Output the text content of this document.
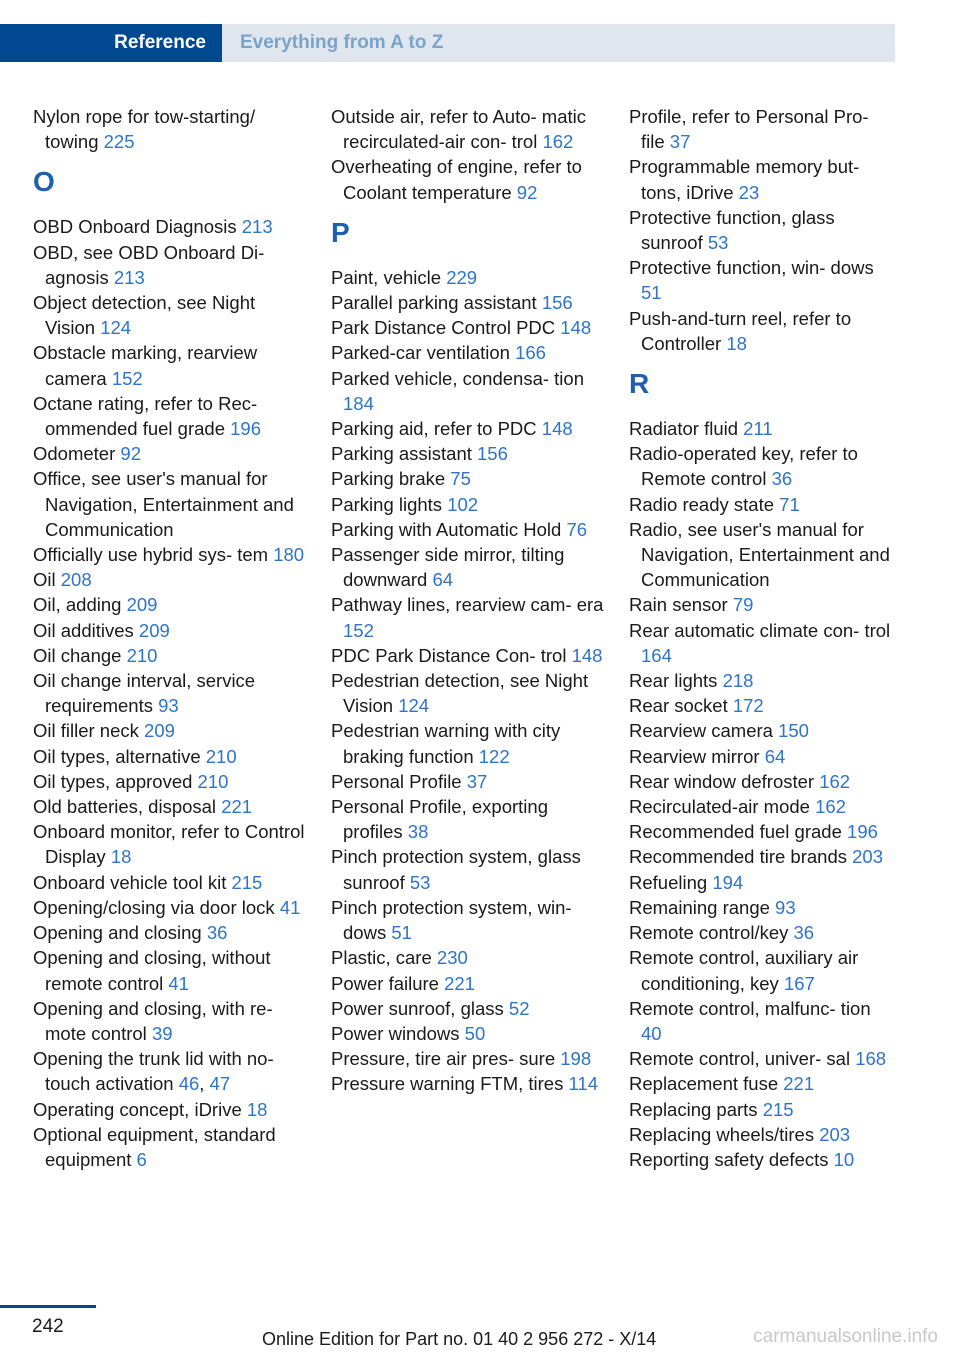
Reference Everything from A to Z
Nylon rope for tow-starting/ towing 225
O
OBD Onboard Diagnosis 213
OBD, see OBD Onboard Di- agnosis 213
Object detection, see Night Vision 124
Obstacle marking, rearview camera 152
Octane rating, refer to Rec- ommended fuel grade 196
Odometer 92
Office, see user's manual for Navigation, Entertainment and Communication
Officially use hybrid sys- tem 180
Oil 208
Oil, adding 209
Oil additives 209
Oil change 210
Oil change interval, service requirements 93
Oil filler neck 209
Oil types, alternative 210
Oil types, approved 210
Old batteries, disposal 221
Onboard monitor, refer to Control Display 18
Onboard vehicle tool kit 215
Opening/closing via door lock 41
Opening and closing 36
Opening and closing, without remote control 41
Opening and closing, with re- mote control 39
Opening the trunk lid with no- touch activation 46, 47
Operating concept, iDrive 18
Optional equipment, standard equipment 6
Outside air, refer to Auto- matic recirculated-air con- trol 162
Overheating of engine, refer to Coolant temperature 92
P
Paint, vehicle 229
Parallel parking assistant 156
Park Distance Control PDC 148
Parked-car ventilation 166
Parked vehicle, condensa- tion 184
Parking aid, refer to PDC 148
Parking assistant 156
Parking brake 75
Parking lights 102
Parking with Automatic Hold 76
Passenger side mirror, tilting downward 64
Pathway lines, rearview cam- era 152
PDC Park Distance Con- trol 148
Pedestrian detection, see Night Vision 124
Pedestrian warning with city braking function 122
Personal Profile 37
Personal Profile, exporting profiles 38
Pinch protection system, glass sunroof 53
Pinch protection system, win- dows 51
Plastic, care 230
Power failure 221
Power sunroof, glass 52
Power windows 50
Pressure, tire air pres- sure 198
Pressure warning FTM, tires 114
Profile, refer to Personal Pro- file 37
Programmable memory but- tons, iDrive 23
Protective function, glass sunroof 53
Protective function, win- dows 51
Push-and-turn reel, refer to Controller 18
R
Radiator fluid 211
Radio-operated key, refer to Remote control 36
Radio ready state 71
Radio, see user's manual for Navigation, Entertainment and Communication
Rain sensor 79
Rear automatic climate con- trol 164
Rear lights 218
Rear socket 172
Rearview camera 150
Rearview mirror 64
Rear window defroster 162
Recirculated-air mode 162
Recommended fuel grade 196
Recommended tire brands 203
Refueling 194
Remaining range 93
Remote control/key 36
Remote control, auxiliary air conditioning, key 167
Remote control, malfunc- tion 40
Remote control, univer- sal 168
Replacement fuse 221
Replacing parts 215
Replacing wheels/tires 203
Reporting safety defects 10
242
Online Edition for Part no. 01 40 2 956 272 - X/14	carmanualsonline.info
